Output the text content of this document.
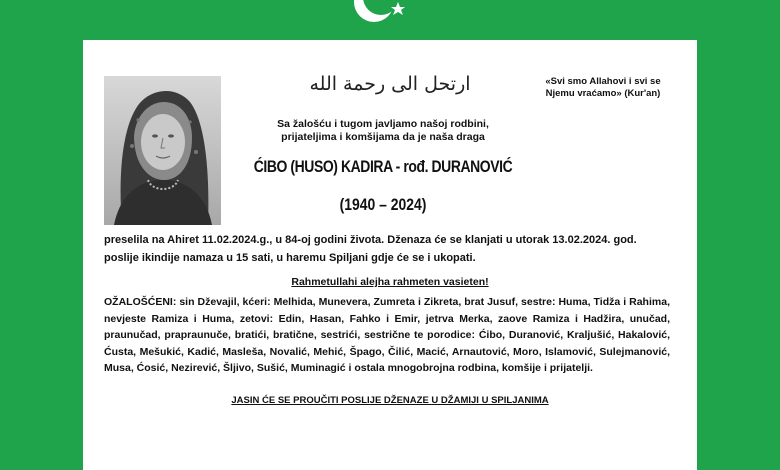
ارتحل الى رحمة الله	«Svi smo Allahovi i svi se
Njemu vraćamo» (Kur'an)
Sa žalošću i tugom javljamo našoj rodbini,
prijateljima i komšijama da je naša draga
ĆIBO (HUSO) KADIRA - rođ. DURANOVIĆ
(1940 – 2024)
preselila na Ahiret 11.02.2024.g., u 84-oj godini života. Dženaza će se klanjati u utorak 13.02.2024. god. poslije ikindije namaza u 15 sati, u haremu Spiljani gdje će se i ukopati.
Rahmetullahi alejha rahmeten vasieten!
OŽALOŠĆENI: sin Dževajil, kćeri: Melhida, Munevera, Zumreta i Zikreta, brat Jusuf, sestre: Huma, Tidža i Rahima, nevjeste Ramiza i Huma, zetovi: Edin, Hasan, Fahko i Emir, jetrva Merka, zaove Ramiza i Hadžira, unučad, praunučad, prapraunučе, bratići, bratične, sestrići, sestrične te porodice: Ćibo, Duranović, Kraljušić, Hakalović, Ćusta, Mešukić, Kadić, Masleša, Novalić, Mehić, Špago, Čilić, Macić, Arnautović, Moro, Islamović, Sulejmanović, Musa, Ćosić, Nezirević, Šljivo, Sušić, Muminagić i ostala mnogobrojna rodbina, komšije i prijatelji.
JASIN ĆE SE PROUČITI POSLIJE DŽENAZE U DŽAMIJI U SPILJANIMA
